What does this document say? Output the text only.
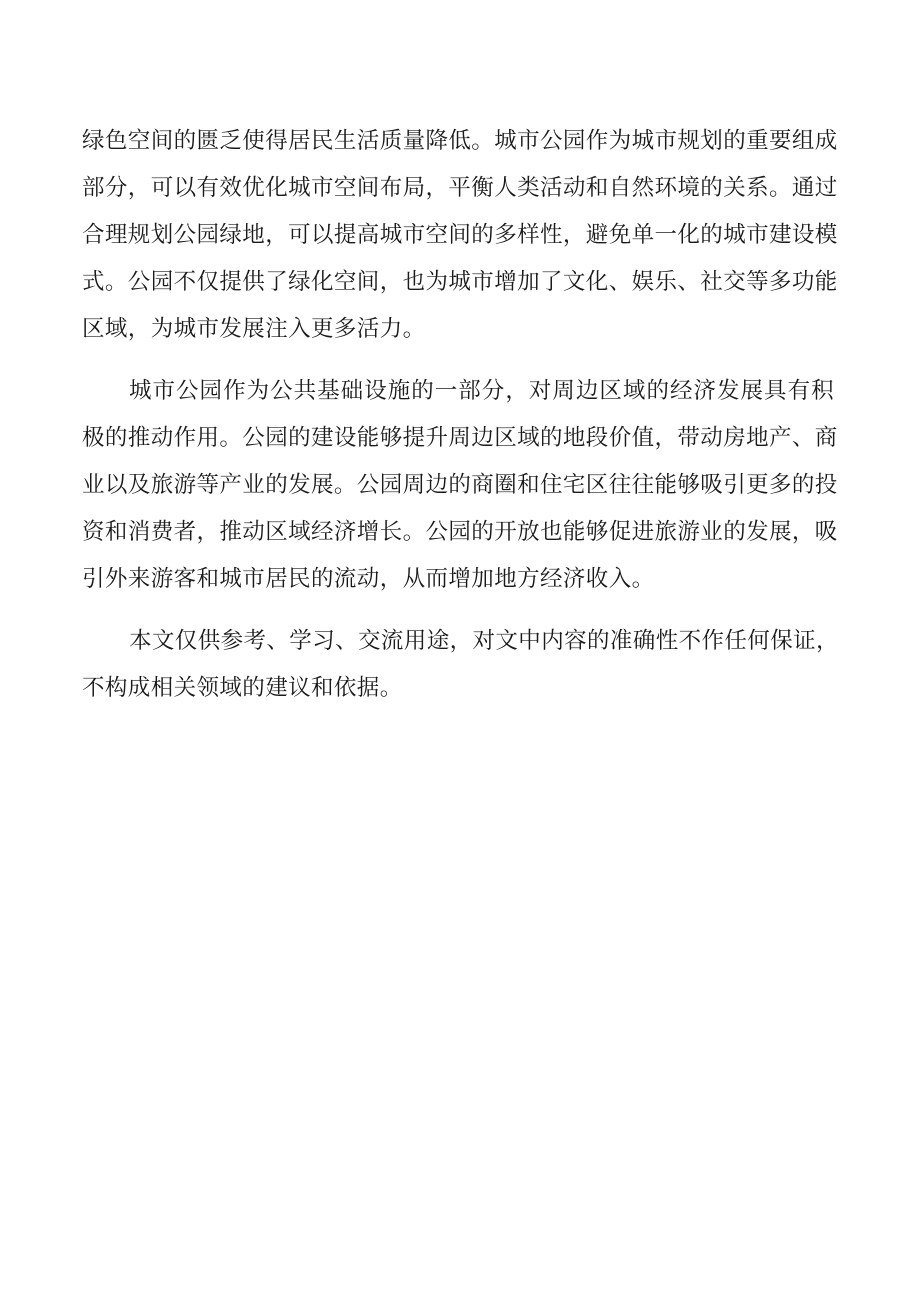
绿色空间的匮乏使得居民生活质量降低。城市公园作为城市规划的重要组成
部分，可以有效优化城市空间布局，平衡人类活动和自然环境的关系。通过
合理规划公园绿地，可以提高城市空间的多样性，避免单一化的城市建设模
式。公园不仅提供了绿化空间，也为城市增加了文化、娱乐、社交等多功能
区域，为城市发展注入更多活力。
城市公园作为公共基础设施的一部分，对周边区域的经济发展具有积
极的推动作用。公园的建设能够提升周边区域的地段价值，带动房地产、商
业以及旅游等产业的发展。公园周边的商圈和住宅区往往能够吸引更多的投
资和消费者，推动区域经济增长。公园的开放也能够促进旅游业的发展，吸
引外来游客和城市居民的流动，从而增加地方经济收入。
本文仅供参考、学习、交流用途，对文中内容的准确性不作任何保证，
不构成相关领域的建议和依据。
